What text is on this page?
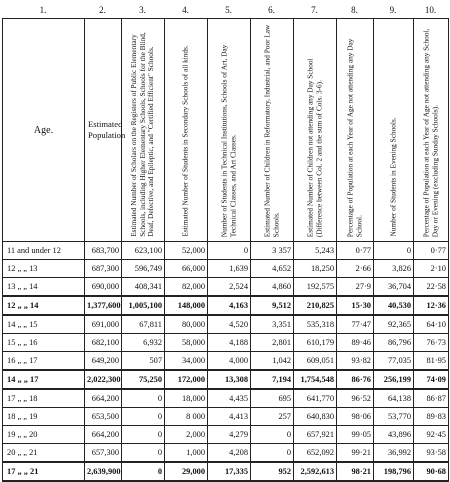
1.	2.	3.	4.	5.	6.	7.	8.	9.	10.
Age.	Estimated Population	Estimated Number of Scholars on the Registers of Public Elementary Schools, including Higher Elementary Schools, Schools for the Blind, Deaf, Defective, and Epileptic, and "Certified Efficient" Schools.	Estimated Number of Students in Secondary Schools of all kinds.	Number of Students in Technical Institutions, Schools of Art, Day Technical Classes, and Art Classes.	Estimated Number of Children in Reformatory, Industrial, and Poor Law Schools.	Estimated Number of Children not attending any Day School (Difference between Col. 2 and the sum of Cols. 3-6).	Percentage of Population at each Year of Age not attending any Day School.	Number of Students in Evening Schools.	Percentage of Population at each Year of Age not attending any School, Day or Evening (excluding Sunday Schools).

11 and under 12	683,700	623,100	52,000	0	3 357	5,243	0·77	0	0·77
12 „ „ 13	687,300	596,749	66,000	1,639	4,652	18,250	2·66	3,826	2·10
13 „ „ 14	690,000	408,341	82,000	2,524	4,860	192,575	27·9	36,704	22·58
12 „ „ 14	1,377,600	1,005,100	148,000	4,163	9,512	210,825	15·30	40,530	12·36
14 „ „ 15	691,000	67,811	80,000	4,520	3,351	535,318	77·47	92,365	64·10
15 „ „ 16	682,100	6,932	58,000	4,188	2,801	610,179	89·46	86,796	76·73
16 „ „ 17	649,200	507	34,000	4,000	1,042	609,051	93·82	77,035	81·95
14 „ „ 17	2,022,300	75,250	172,000	13,308	7,194	1,754,548	86·76	256,199	74·09
17 „ „ 18	664,200	0	18,000	4,435	695	641,770	96·52	64,138	86·87
18 „ „ 19	653,500	0	8 000	4,413	257	640,830	98·06	53,770	89·83
19 „ „ 20	664,200	0	2,000	4,279	0	657,921	99·05	43,896	92·45
20 „ „ 21	657,300	0	1,000	4,208	0	652,092	99·21	36,992	93·58
17 „ „ 21	2,639,900	0	29,000	17,335	952	2,592,613	98·21	198,796	90·68
